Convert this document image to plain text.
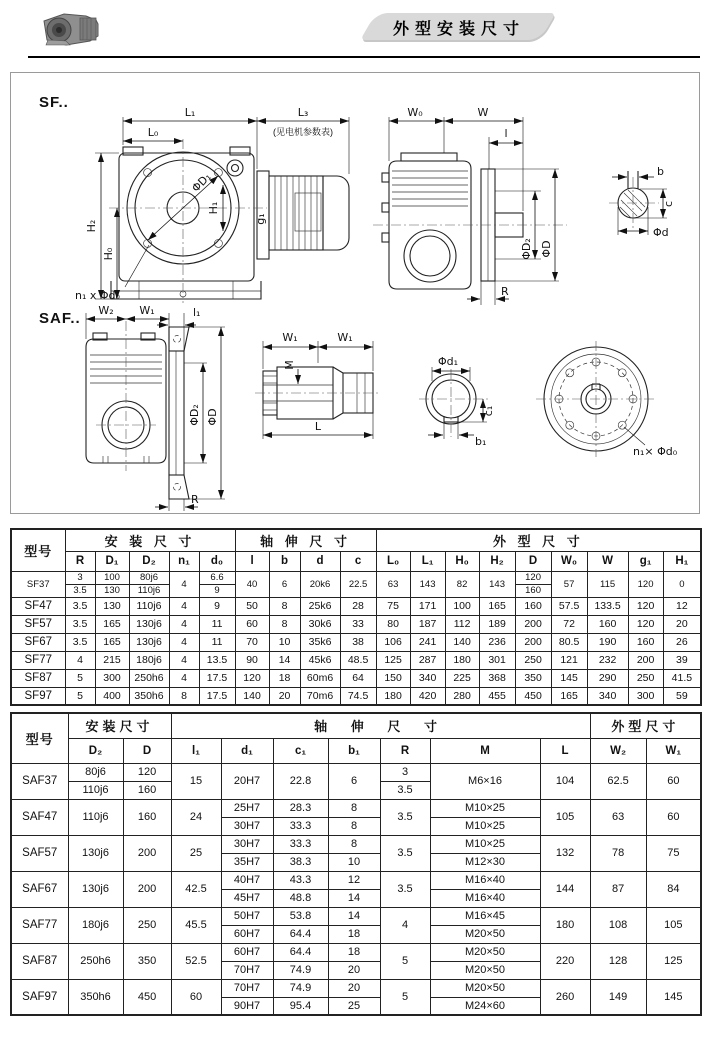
外型安装尺寸
SF..
L₁	L₃
(见电机参数表)
L₀
H₂
H₀
ΦD₁
H₁
g₁
n₁ x Φd₀
W₀	W
l
ΦD₂ ΦD
R
b
c
Φd
SAF.. W₂ W₁	l₁
ΦD₂ ΦD
R
W₁	W₁
M
L
Φd₁
c₁
b₁
n₁× Φd₀
型号	安 装 尺 寸					轴 伸 尺 寸				外 型 尺 寸								
	R	D₁	D₂	n₁	d₀	l	b	d	c	L₀	L₁	H₀	H₂	D	W₀	W	g₁	H₁
SF37	3	100	80j6	4	6.6	40	6	20k6	22.5	63	143	82	143	120	57	115	120	0
	3.5	130	110j6		9									160				
SF47	3.5	130	110j6	4	9	50	8	25k6	28	75	171	100	165	160	57.5	133.5	120	12
SF57	3.5	165	130j6	4	11	60	8	30k6	33	80	187	112	189	200	72	160	120	20
SF67	3.5	165	130j6	4	11	70	10	35k6	38	106	241	140	236	200	80.5	190	160	26
SF77	4	215	180j6	4	13.5	90	14	45k6	48.5	125	287	180	301	250	121	232	200	39
SF87	5	300	250h6	4	17.5	120	18	60m6	64	150	340	225	368	350	145	290	250	41.5
SF97	5	400	350h6	8	17.5	140	20	70m6	74.5	180	420	280	455	450	165	340	300	59
型号	安装尺寸		轴 伸 尺 寸							外型尺寸	
	D₂	D	l₁	d₁	c₁	b₁	R	M	L	W₂	W₁
SAF37	80j6	120	15	20H7	22.8	6	3	M6×16	104	62.5	60
	110j6	160					3.5				
SAF47	110j6	160	24	25H7	28.3	8	3.5	M10×25	105	63	60
				30H7	33.3	8		M10×25			
SAF57	130j6	200	25	30H7	33.3	8	3.5	M10×25	132	78	75
				35H7	38.3	10		M12×30			
SAF67	130j6	200	42.5	40H7	43.3	12	3.5	M16×40	144	87	84
				45H7	48.8	14		M16×40			
SAF77	180j6	250	45.5	50H7	53.8	14	4	M16×45	180	108	105
				60H7	64.4	18		M20×50			
SAF87	250h6	350	52.5	60H7	64.4	18	5	M20×50	220	128	125
				70H7	74.9	20		M20×50			
SAF97	350h6	450	60	70H7	74.9	20	5	M20×50	260	149	145
				90H7	95.4	25		M24×60			
